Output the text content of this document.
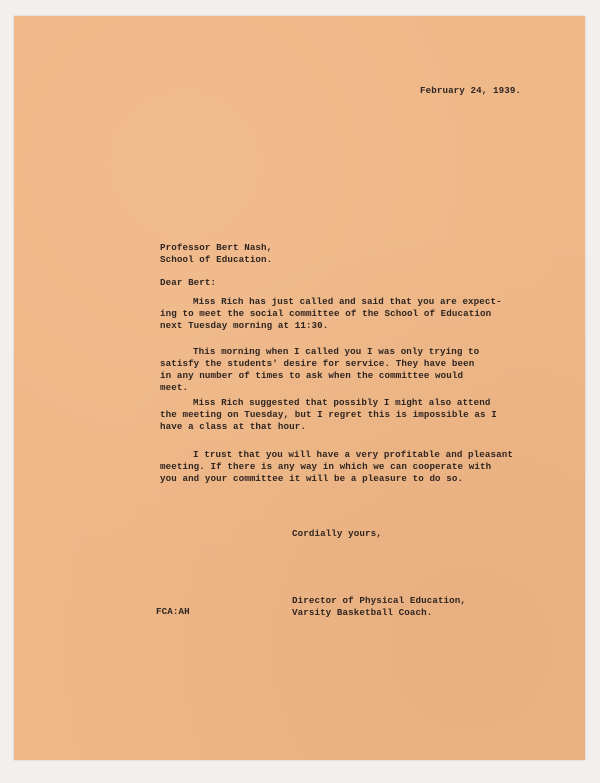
February 24, 1939.
Professor Bert Nash,
School of Education.
Dear Bert:
Miss Rich has just called and said that you are expect-
ing to meet the social committee of the School of Education
next Tuesday morning at 11:30.
This morning when I called you I was only trying to
satisfy the students' desire for service. They have been
in any number of times to ask when the committee would
meet.
Miss Rich suggested that possibly I might also attend
the meeting on Tuesday, but I regret this is impossible as I
have a class at that hour.
I trust that you will have a very profitable and pleasant
meeting. If there is any way in which we can cooperate with
you and your committee it will be a pleasure to do so.
Cordially yours,
Director of Physical Education,
Varsity Basketball Coach.
FCA:AH
